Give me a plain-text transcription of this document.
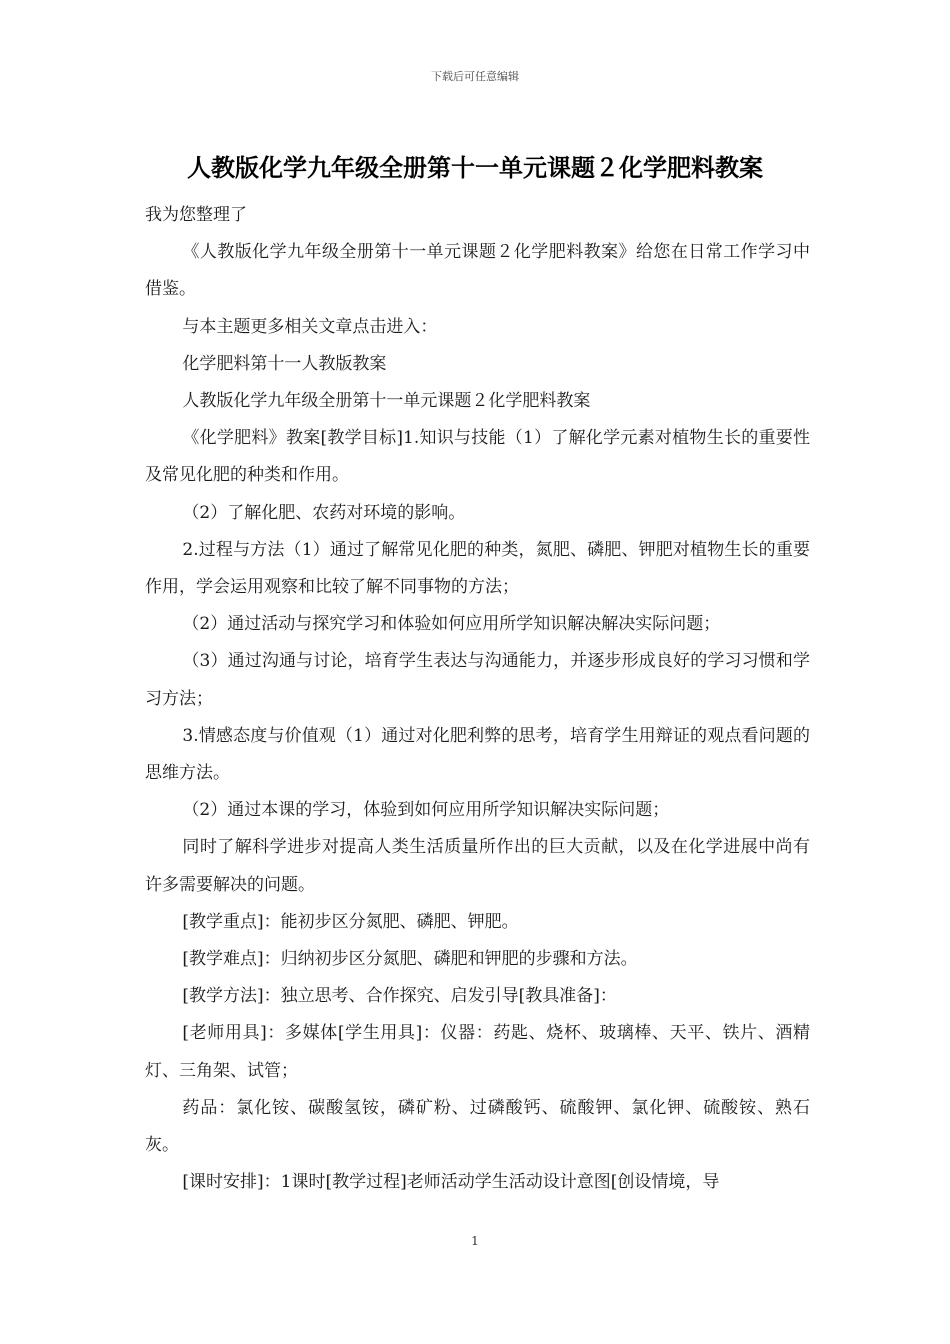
下载后可任意编辑
人教版化学九年级全册第十一单元课题２化学肥料教案

我为您整理了

《人教版化学九年级全册第十一单元课题２化学肥料教案》给您在日常工作学习中借鉴。

与本主题更多相关文章点击进入：

化学肥料第十一人教版教案

人教版化学九年级全册第十一单元课题２化学肥料教案

《化学肥料》教案[教学目标]1.知识与技能（1）了解化学元素对植物生长的重要性及常见化肥的种类和作用。

（2）了解化肥、农药对环境的影响。

2.过程与方法（1）通过了解常见化肥的种类，氮肥、磷肥、钾肥对植物生长的重要作用，学会运用观察和比较了解不同事物的方法；

（2）通过活动与探究学习和体验如何应用所学知识解决解决实际问题；

（3）通过沟通与讨论，培育学生表达与沟通能力，并逐步形成良好的学习习惯和学习方法；

3.情感态度与价值观（1）通过对化肥利弊的思考，培育学生用辩证的观点看问题的思维方法。

（2）通过本课的学习，体验到如何应用所学知识解决实际问题；

同时了解科学进步对提高人类生活质量所作出的巨大贡献，以及在化学进展中尚有许多需要解决的问题。

[教学重点]：能初步区分氮肥、磷肥、钾肥。

[教学难点]：归纳初步区分氮肥、磷肥和钾肥的步骤和方法。

[教学方法]：独立思考、合作探究、启发引导[教具准备]：

[老师用具]：多媒体[学生用具]：仪器：药匙、烧杯、玻璃棒、天平、铁片、酒精灯、三角架、试管；

药品：氯化铵、碳酸氢铵，磷矿粉、过磷酸钙、硫酸钾、氯化钾、硫酸铵、熟石灰。

[课时安排]：1课时[教学过程]老师活动学生活动设计意图[创设情境，导

1
